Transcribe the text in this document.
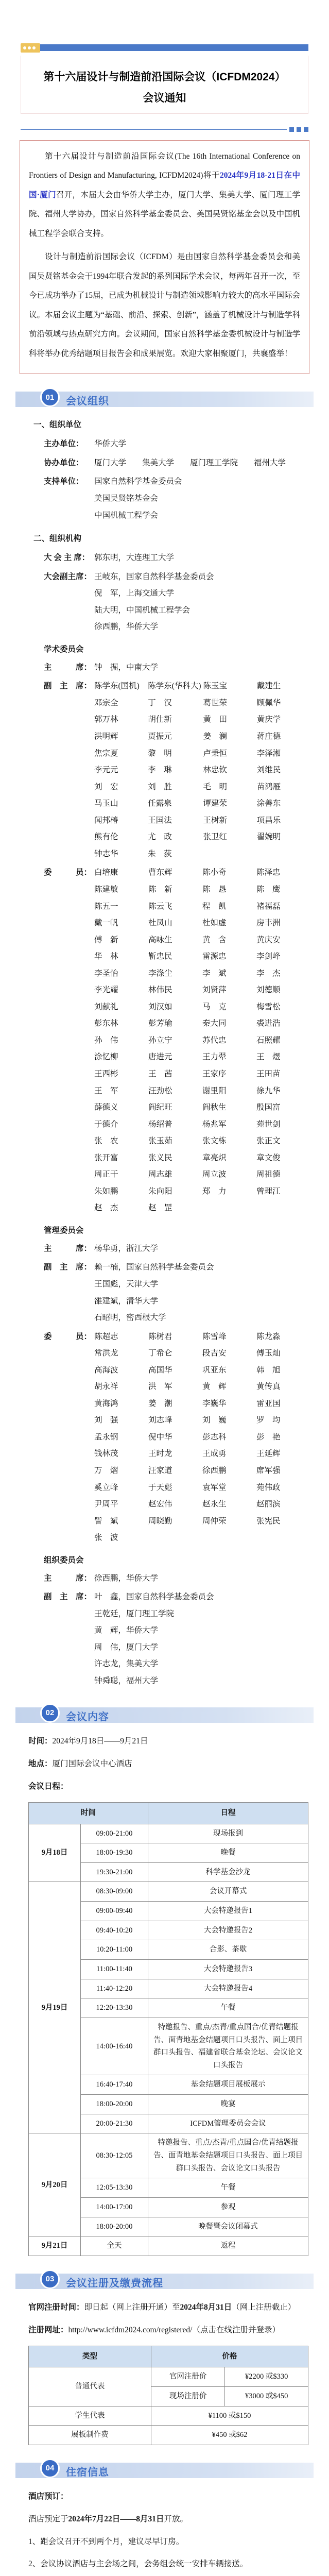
第十六届设计与制造前沿国际会议（ICFDM2024）
会议通知

第十六届设计与制造前沿国际会议(The 16th International Conference on Frontiers of Design and Manufacturing, ICFDM2024)将于2024年9月18-21日在中国·厦门召开，本届大会由华侨大学主办，厦门大学、集美大学、厦门理工学院、福州大学协办，国家自然科学基金委员会、美国吴贤铭基金会以及中国机械工程学会联合支持。

设计与制造前沿国际会议（ICFDM）是由国家自然科学基金委员会和美国吴贤铭基金会于1994年联合发起的系列国际学术会议，每两年召开一次，至今已成功举办了15届，已成为机械设计与制造领域影响力较大的高水平国际会议。本届会议主题为“基础、前沿、探索、创新”，涵盖了机械设计与制造学科前沿领域与热点研究方向。会议期间，国家自然科学基金委机械设计与制造学科将举办优秀结题项目报告会和成果展览。欢迎大家相聚厦门，共襄盛举！

01	会议组织
一、组织单位
主办单位：	华侨大学
协办单位：	厦门大学　　集美大学　　厦门理工学院　　福州大学
支持单位：	国家自然科学基金委员会
美国吴贤铭基金会
中国机械工程学会
二、组织机构
大 会 主 席： 郭东明，大连理工大学
大会副主席： 王岐东，国家自然科学基金委员会
倪　军，上海交通大学
陆大明，中国机械工程学会
徐西鹏，华侨大学
学术委员会
主　　　席： 钟　掘，中南大学
副　主　席： 陈学东(国机)	陈学东(华科大) 陈玉宝	戴建生
邓宗全	丁　汉	葛世荣	顾佩华
郭万林	胡仕新	黄　田	黄庆学
洪明辉	贾振元	姜　澜	蒋庄德
焦宗夏	黎　明	卢秉恒	李泽湘
李元元	李　琳	林忠钦	刘维民
刘　宏	刘　胜	毛　明	苗鸿雁
马玉山	任露泉	谭建荣	涂善东
闻邦椿	王国法	王树新	项昌乐
熊有伦	尤　政	张卫红	翟婉明
钟志华	朱　荻
委　　　员： 白培康	曹东辉	陈小奇	陈泽忠
陈建敏	陈　新	陈　恳	陈　鹰
陈五一	陈云飞	程　凯	褚福磊
戴一帆	杜凤山	杜如虚	房丰洲
傅　新	高咏生	黄　含	黄庆安
华　林	靳忠民	雷源忠	李剑峰
李圣怡	李涤尘	李　斌	李　杰
李光耀	林伟民	刘贤萍	刘德顺
刘献礼	刘汉如	马　克	梅雪松
彭东林	彭芳瑜	秦大同	裘进浩
孙　伟	孙立宁	苏代忠	石照耀
涂忆柳	唐进元	王力翚	王　煜
王西彬	王　茜	王家序	王田苗
王　军	汪劲松	谢里阳	徐九华
薛德义	阎纪旺	阎秋生	殷国富
于德介	杨绍普	杨兆军	苑世剑
张　农	张玉茹	张文栋	张正文
张开富	张义民	章亮炽	章文俊
周正干	周志雄	周立波	周祖德
朱如鹏	朱向阳	郑　力	曾理江
赵　杰	赵　罡
管理委员会
主　　　席： 杨华勇，浙江大学
副　主　席： 赖一楠，国家自然科学基金委员会
王国彪，天津大学
雒建斌，清华大学
石昭明，密西根大学
委　　　员： 陈超志	陈树君	陈雪峰	陈龙淼
常洪龙	丁希仑	段吉安	傅玉灿
高海波	高国华	巩亚东	韩　旭
胡永祥	洪　军	黄　辉	黄传真
黄海鸿	姜　潮	李巍华	雷亚国
刘　强	刘志峰	刘　巍	罗　均
孟永钢	倪中华	彭志科	彭　艳
钱林茂	王时龙	王成勇	王延辉
万　熠	汪家道	徐西鹏	席军强
奚立峰	于天彪	袁军堂	苑伟政
尹周平	赵宏伟	赵永生	赵丽滨
訾　斌	周晓勤	周仲荣	张宪民
张　波
组织委员会
主　　　席： 徐西鹏，华侨大学
副　主　席： 叶　鑫，国家自然科学基金委员会
王乾廷，厦门理工学院
黄　辉，华侨大学
周　伟，厦门大学
许志龙，集美大学
钟舜聪，福州大学
02	会议内容
时间：2024年9月18日——9月21日
地点：厦门国际会议中心酒店
会议日程：
时间		日程
9月18日	09:00-21:00	现场报到
	18:00-19:30	晚餐
	19:30-21:00	科学基金沙龙
9月19日	08:30-09:00	会议开幕式
	09:00-09:40	大会特邀报告1
	09:40-10:20	大会特邀报告2
	10:20-11:00	合影、茶歇
	11:00-11:40	大会特邀报告3
	11:40-12:20	大会特邀报告4
	12:20-13:30	午餐
	14:00-16:40	特邀报告、重点/杰青/重点国合/优青结题报告、面青地基金结题项目口头报告、面上项目群口头报告、福建省联合基金论坛、会议论文口头报告
	16:40-17:40	基金结题项目展板展示
	18:00-20:00	晚宴
	20:00-21:30	ICFDM管理委员会会议
9月20日	08:30-12:05	特邀报告、重点/杰青/重点国合/优青结题报告、面青地基金结题项目口头报告、面上项目群口头报告、会议论文口头报告
	12:05-13:30	午餐
	14:00-17:00	参观
	18:00-20:00	晚餐暨会议闭幕式
9月21日	全天	返程
03	会议注册及缴费流程
官网注册时间：即日起（网上注册开通）至2024年8月31日（网上注册截止）
注册网址：http://www.icfdm2024.com/registered/（点击在线注册并登录）
类型	价格	
普通代表	官网注册价	¥2200 或$330
	现场注册价	¥3000 或$450
学生代表	¥1100 或$150	
展板制作费	¥450 或$62	
04	住宿信息
酒店预订：
酒店预定于2024年7月22日——8月31日开放。
1、距会议召开不到两个月，建议尽早订房。
2、会议协议酒店与主会场之间，会务组会统一安排车辆接送。
